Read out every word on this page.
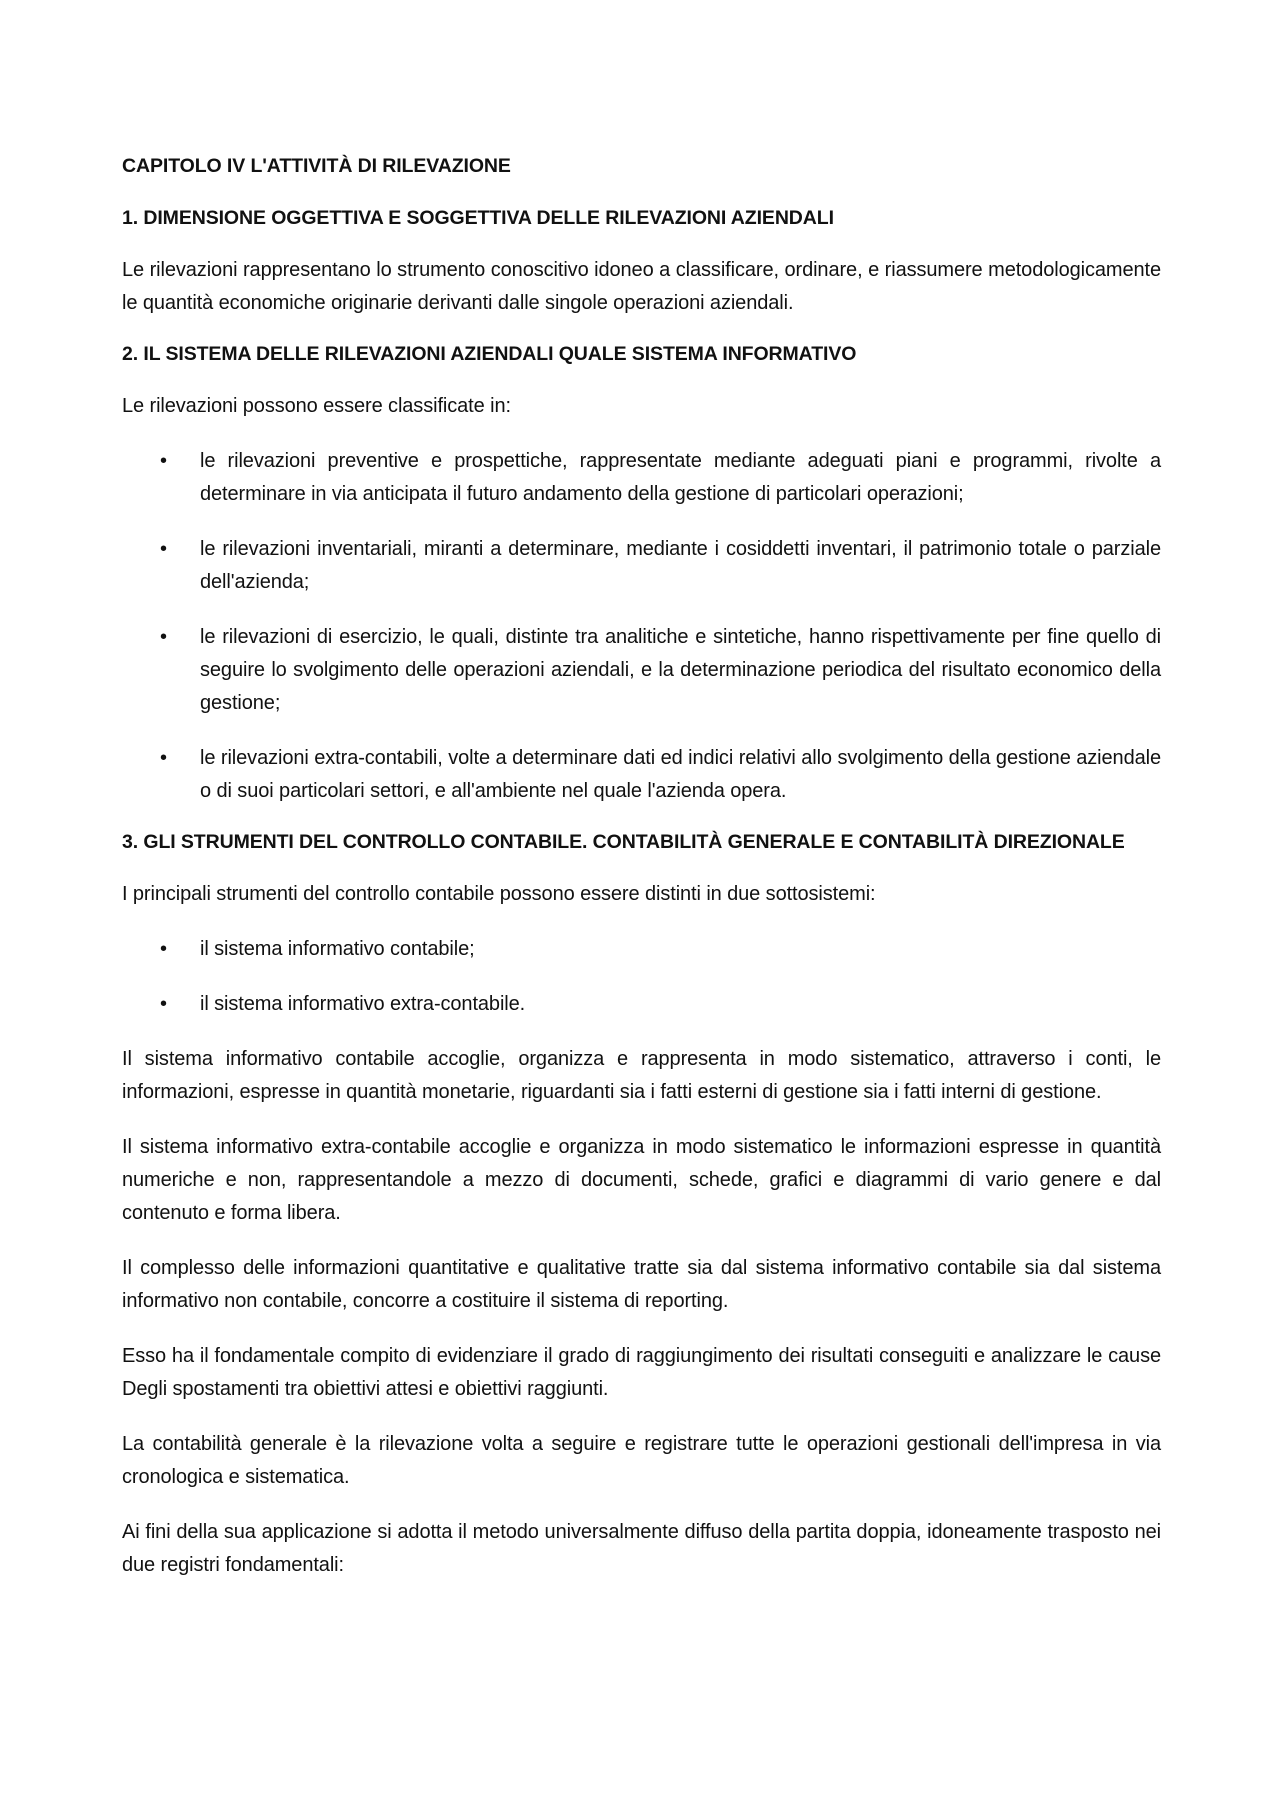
CAPITOLO IV L'ATTIVITÀ DI RILEVAZIONE
1. DIMENSIONE OGGETTIVA E SOGGETTIVA DELLE RILEVAZIONI AZIENDALI

Le rilevazioni rappresentano lo strumento conoscitivo idoneo a classificare, ordinare, e riassumere metodologicamente le quantità economiche originarie derivanti dalle singole operazioni aziendali.

2. IL SISTEMA DELLE RILEVAZIONI AZIENDALI QUALE SISTEMA INFORMATIVO

Le rilevazioni possono essere classificate in:

• le rilevazioni preventive e prospettiche, rappresentate mediante adeguati piani e programmi, rivolte a determinare in via anticipata il futuro andamento della gestione di particolari operazioni;
• le rilevazioni inventariali, miranti a determinare, mediante i cosiddetti inventari, il patrimonio totale o parziale dell'azienda;
• le rilevazioni di esercizio, le quali, distinte tra analitiche e sintetiche, hanno rispettivamente per fine quello di seguire lo svolgimento delle operazioni aziendali, e la determinazione periodica del risultato economico della gestione;
• le rilevazioni extra-contabili, volte a determinare dati ed indici relativi allo svolgimento della gestione aziendale o di suoi particolari settori, e all'ambiente nel quale l'azienda opera.
3. GLI STRUMENTI DEL CONTROLLO CONTABILE. CONTABILITÀ GENERALE E CONTABILITÀ DIREZIONALE

I principali strumenti del controllo contabile possono essere distinti in due sottosistemi:

• il sistema informativo contabile;
• il sistema informativo extra-contabile.

Il sistema informativo contabile accoglie, organizza e rappresenta in modo sistematico, attraverso i conti, le informazioni, espresse in quantità monetarie, riguardanti sia i fatti esterni di gestione sia i fatti interni di gestione.

Il sistema informativo extra-contabile accoglie e organizza in modo sistematico le informazioni espresse in quantità numeriche e non, rappresentandole a mezzo di documenti, schede, grafici e diagrammi di vario genere e dal contenuto e forma libera.

Il complesso delle informazioni quantitative e qualitative tratte sia dal sistema informativo contabile sia dal sistema informativo non contabile, concorre a costituire il sistema di reporting.

Esso ha il fondamentale compito di evidenziare il grado di raggiungimento dei risultati conseguiti e analizzare le cause Degli spostamenti tra obiettivi attesi e obiettivi raggiunti.

La contabilità generale è la rilevazione volta a seguire e registrare tutte le operazioni gestionali dell'impresa in via cronologica e sistematica.

Ai fini della sua applicazione si adotta il metodo universalmente diffuso della partita doppia, idoneamente trasposto nei due registri fondamentali:
